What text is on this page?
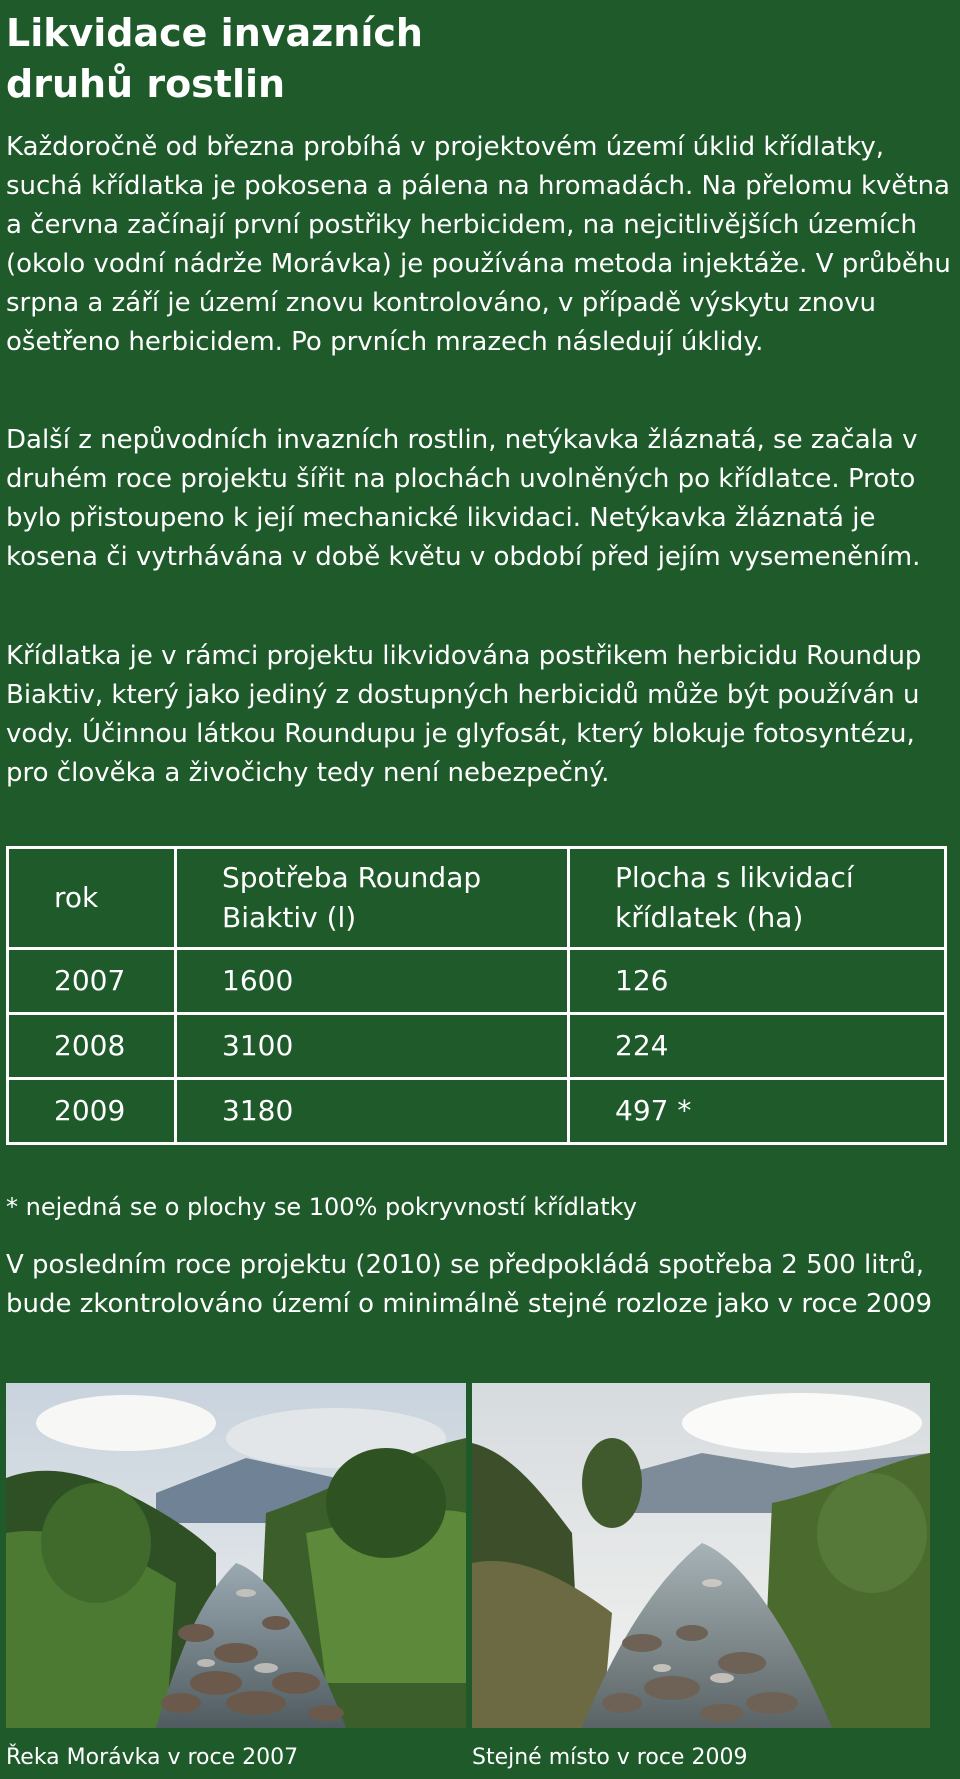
Likvidace invazních
druhů rostlin

Každoročně od března probíhá v projektovém území úklid křídlatky, suchá křídlatka je pokosena a pálena na hromadách. Na přelomu května a června začínají první postřiky herbicidem, na nejcitlivějších územích (okolo vodní nádrže Morávka) je používána metoda injektáže. V průběhu srpna a září je území znovu kontrolováno, v případě výskytu znovu ošetřeno herbicidem. Po prvních mrazech následují úklidy.

Další z nepůvodních invazních rostlin, netýkavka žláznatá, se začala v druhém roce projektu šířit na plochách uvolněných po křídlatce. Proto bylo přistoupeno k její mechanické likvidaci. Netýkavka žláznatá je kosena či vytrhávána v době květu v období před jejím vysemeněním.

Křídlatka je v rámci projektu likvidována postřikem herbicidu Roundup Biaktiv, který jako jediný z dostupných herbicidů může být používán u vody. Účinnou látkou Roundupu je glyfosát, který blokuje fotosyntézu, pro člověka a živočichy tedy není nebezpečný.

rok	Spotřeba Roundap Biaktiv (l)	Plocha s likvidací křídlatek (ha)
2007	1600	126
2008	3100	224
2009	3180	497 *
* nejedná se o plochy se 100% pokryvností křídlatky

V posledním roce projektu (2010) se předpokládá spotřeba 2 500 litrů, bude zkontrolováno území o minimálně stejné rozloze jako v roce 2009

Řeka Morávka v roce 2007	Stejné místo v roce 2009
